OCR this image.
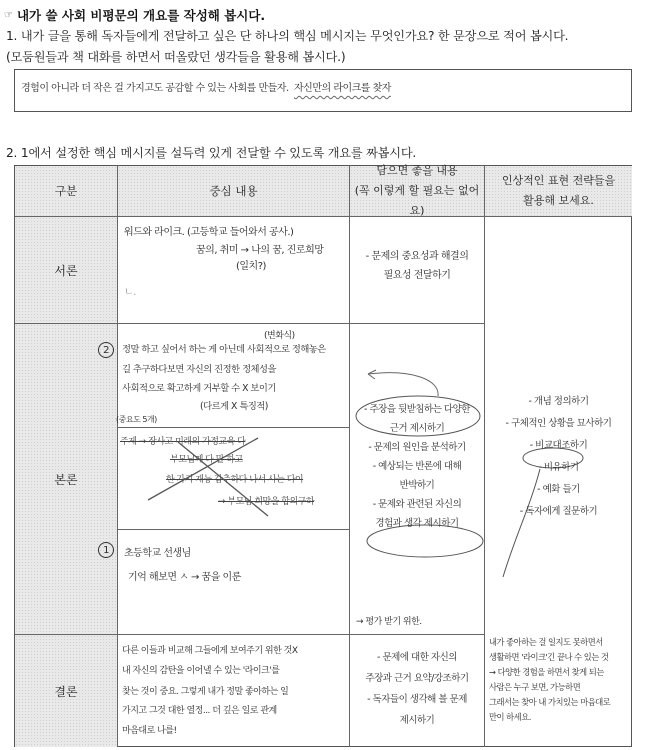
☞ 내가 쓸 사회 비평문의 개요를 작성해 봅시다.
1. 내가 글을 통해 독자들에게 전달하고 싶은 단 하나의 핵심 메시지는 무엇인가요? 한 문장으로 적어 봅시다.
(모둠원들과 책 대화를 하면서 떠올랐던 생각들을 활용해 봅시다.)
경험이 아니라 더 작은 걸 가지고도 공감할 수 있는 사회를 만들자. 자신만의 라이크를 찾자
2. 1에서 설정한 핵심 메시지를 설득력 있게 전달할 수 있도록 개요를 짜봅시다.
구분	중심 내용
담으면 좋을 내용
(꼭 이렇게 할 필요는 없어요)
인상적인 표현 전략들을
활용해 보세요.
서론
본론
결론
워드와 라이크. (고등학교 들어와서 공사.)
꿈의, 취미 → 나의 꿈, 진로희망
(일치?)
ㄴ.
2
(변화식)
정말 하고 싶어서 하는 게 아닌데 사회적으로 정해놓은
길 추구하다보면 자신의 진정한 정체성을
사회적으로 확고하게 거부할 수 X 보이기
(다르게 X 특징적)
(중요도 5개)
주제 → 장사고 미래의 가정교육 다
부모님께 다 말 하고
한 가지 재능 감추하다 나서 사는 다이
→ 부모님 희망을 합의구하
1	초등학교 선생님
기억 해보면 ㅅ → 꿈을 이룬
다른 이들과 비교해 그들에게 보여주기 위한 것X
내 자신의 감탄을 이어낼 수 있는 '라이크'를
찾는 것이 중요. 그렇게 내가 정말 좋아하는 일
가지고 그것 대한 열정... 더 깊은 일로 관계
마음대로 나를!
- 문제의 중요성과 해결의
필요성 전달하기
- 주장을 뒷받침하는 다양한
근거 제시하기
- 문제의 원인을 분석하기
- 예상되는 반론에 대해
반박하기
- 문제와 관련된 자신의
경험과 생각 제시하기
→ 평가 받기 위한.
- 문제에 대한 자신의
주장과 근거 요약/강조하기
- 독자들이 생각해 볼 문제
제시하기
- 개념 정의하기
- 구체적인 상황을 묘사하기
- 비교대조하기
- 비유하기
- 예화 들기
- 독자에게 질문하기
내가 좋아하는 걸 일지도 못하면서
생활하면 '라이크'긴 끝나 수 있는 것
→ 다양한 경험을 하면서 찾게 되는
사람은 누구 보면, 가능하면
그래서는 찾아 내 가치있는 마음대로
만이 하세요.
